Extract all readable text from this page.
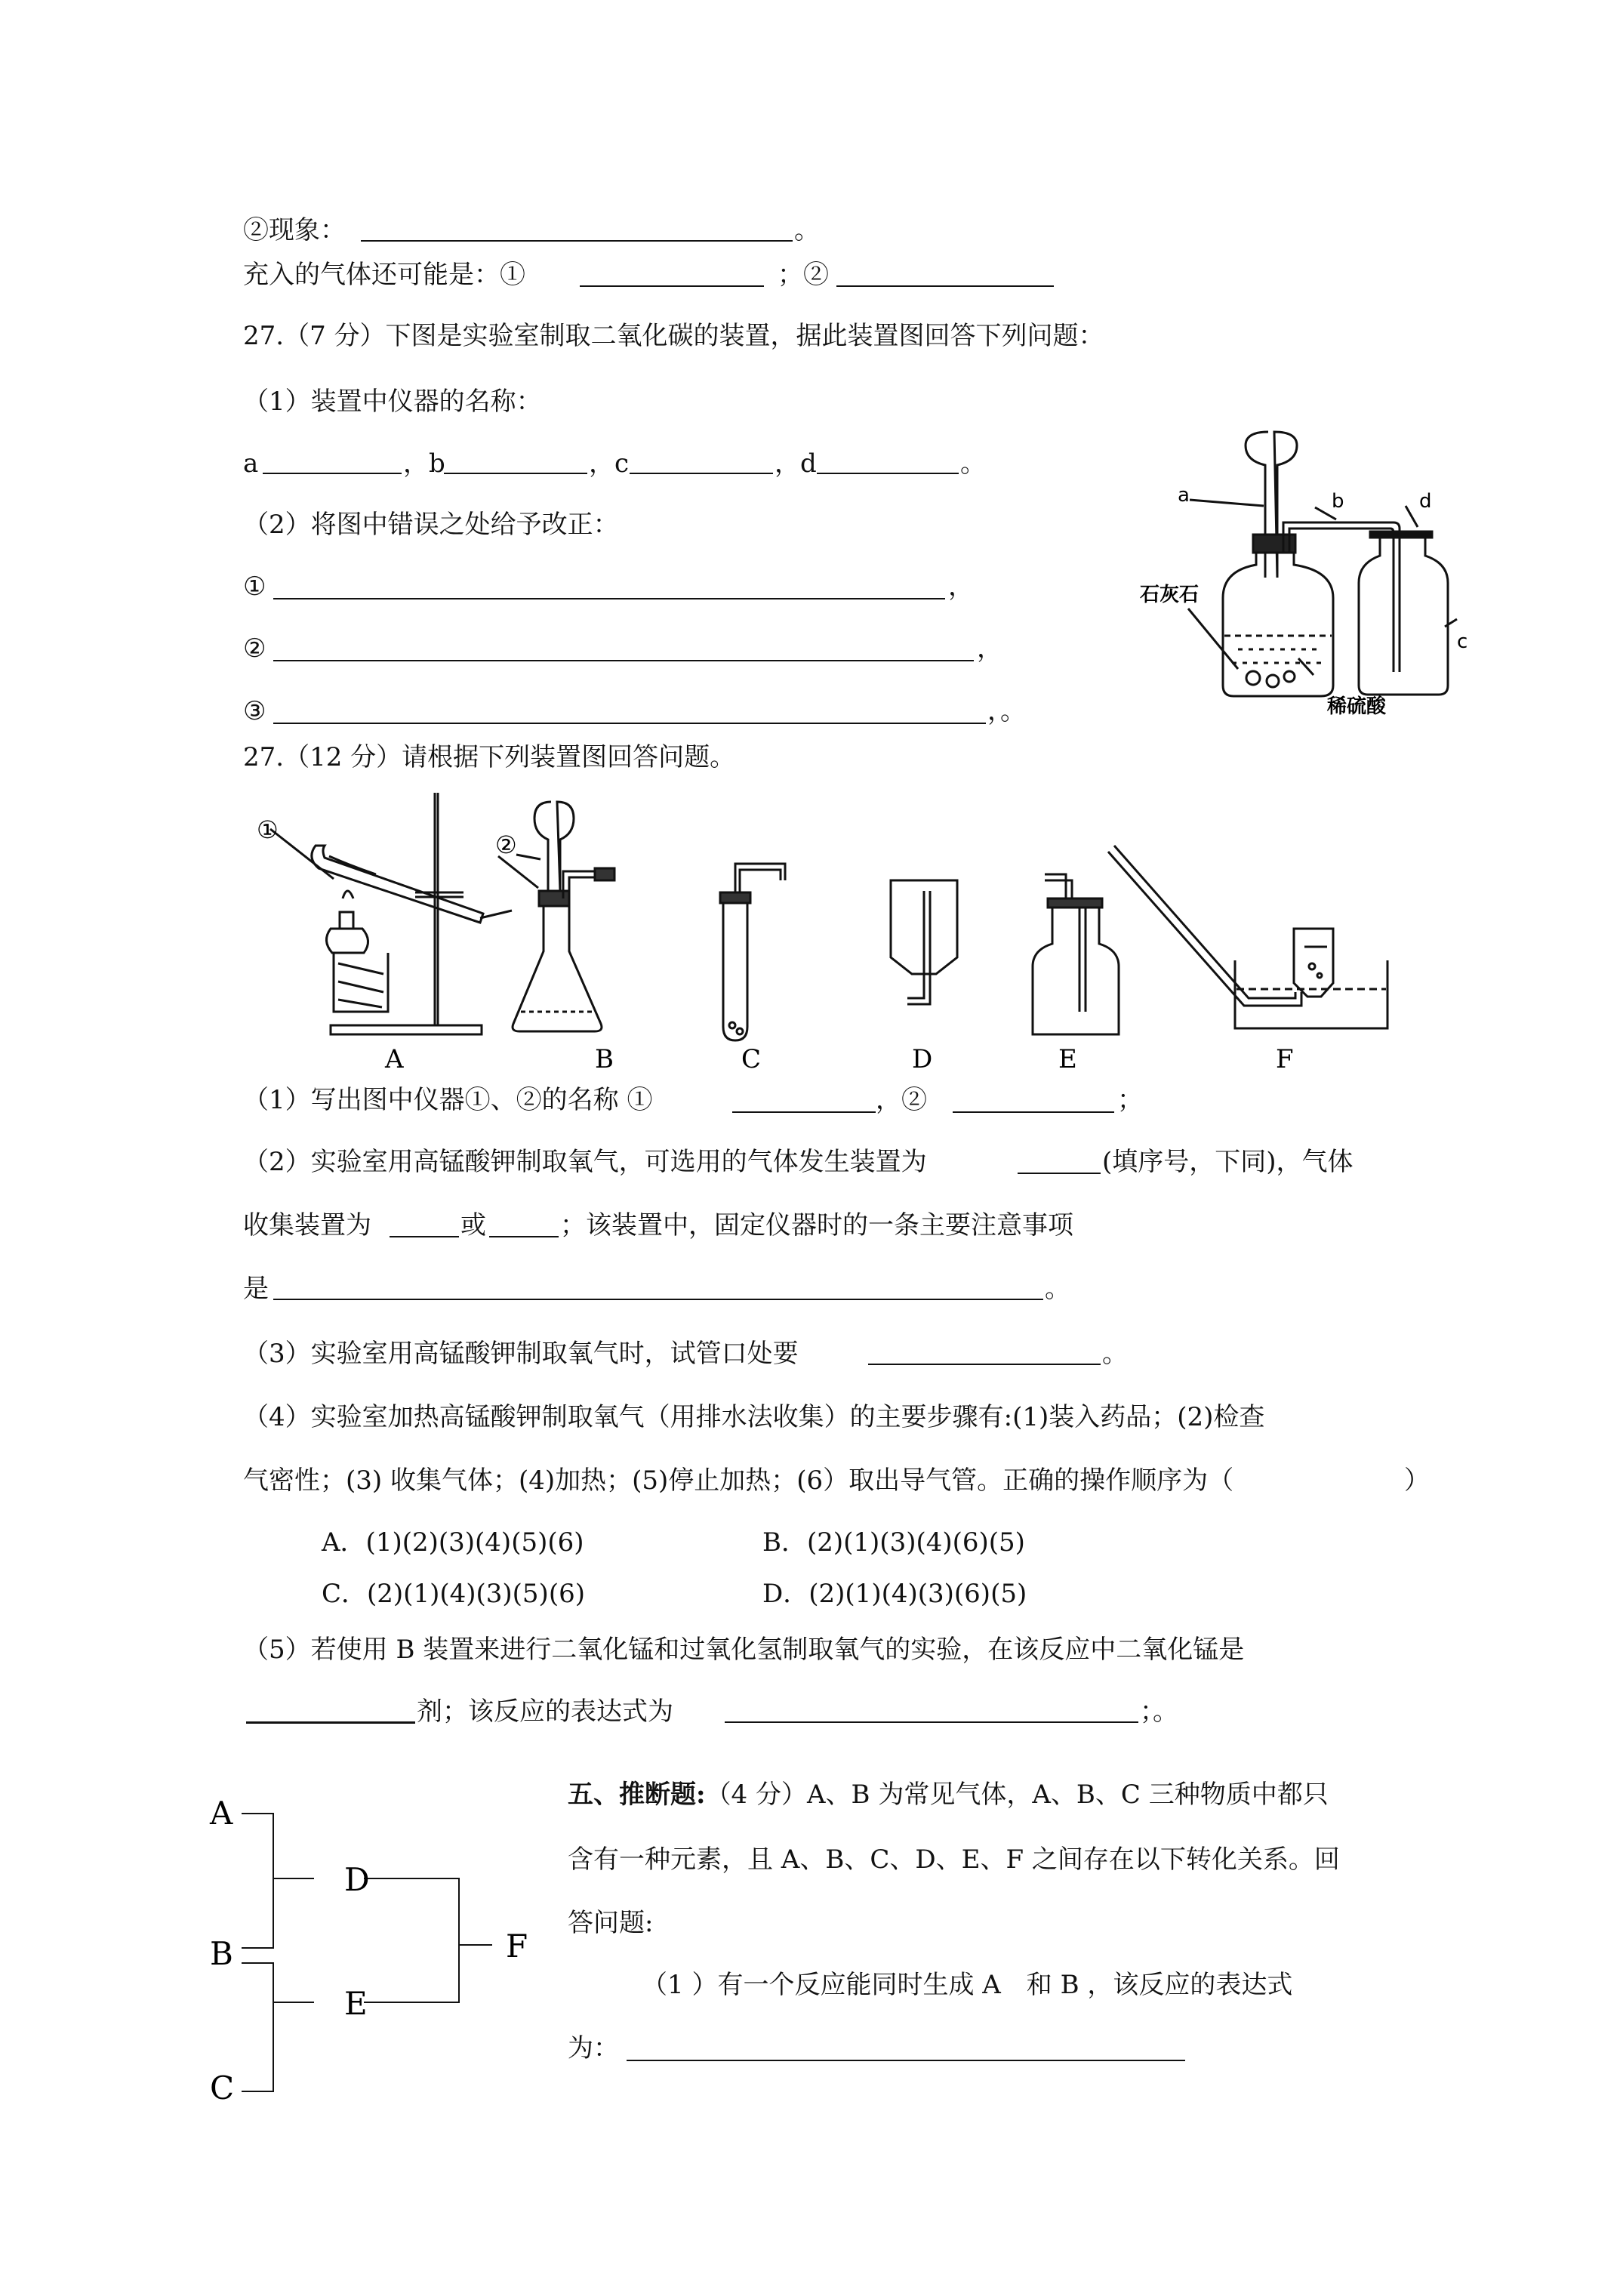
②现象：	。
充入的气体还可能是：①	；②
27.（7 分）下图是实验室制取二氧化碳的装置，据此装置图回答下列问题：
（1）装置中仪器的名称：
a	，b	，c	，d	。
（2）将图中错误之处给予改正：
①	，
②	，
③	，。
a	b	d
c
石灰石
稀硫酸
27.（12 分）请根据下列装置图回答问题。
①
②
A	B	C	D	E	F
（1）写出图中仪器①、②的名称 ①	，②	；
（2）实验室用高锰酸钾制取氧气，可选用的气体发生装置为	(填序号，下同)，气体
收集装置为	或	；该装置中，固定仪器时的一条主要注意事项
是	。
（3）实验室用高锰酸钾制取氧气时，试管口处要	。
（4）实验室加热高锰酸钾制取氧气（用排水法收集）的主要步骤有:(1)装入药品；(2)检查
气密性；(3) 收集气体；(4)加热；(5)停止加热；(6）取出导气管。正确的操作顺序为（	）
A．(1)(2)(3)(4)(5)(6)	B．(2)(1)(3)(4)(6)(5)
C．(2)(1)(4)(3)(5)(6)	D．(2)(1)(4)(3)(6)(5)
（5）若使用 B 装置来进行二氧化锰和过氧化氢制取氧气的实验，在该反应中二氧化锰是
剂；该反应的表达式为	；。
A
B
C
D
E
F
五、推断题:（4 分）A、B 为常见气体，A、B、C 三种物质中都只
含有一种元素，且 A、B、C、D、E、F 之间存在以下转化关系。回
答问题:
（1 ）有一个反应能同时生成 A　和 B ，该反应的表达式
为：
